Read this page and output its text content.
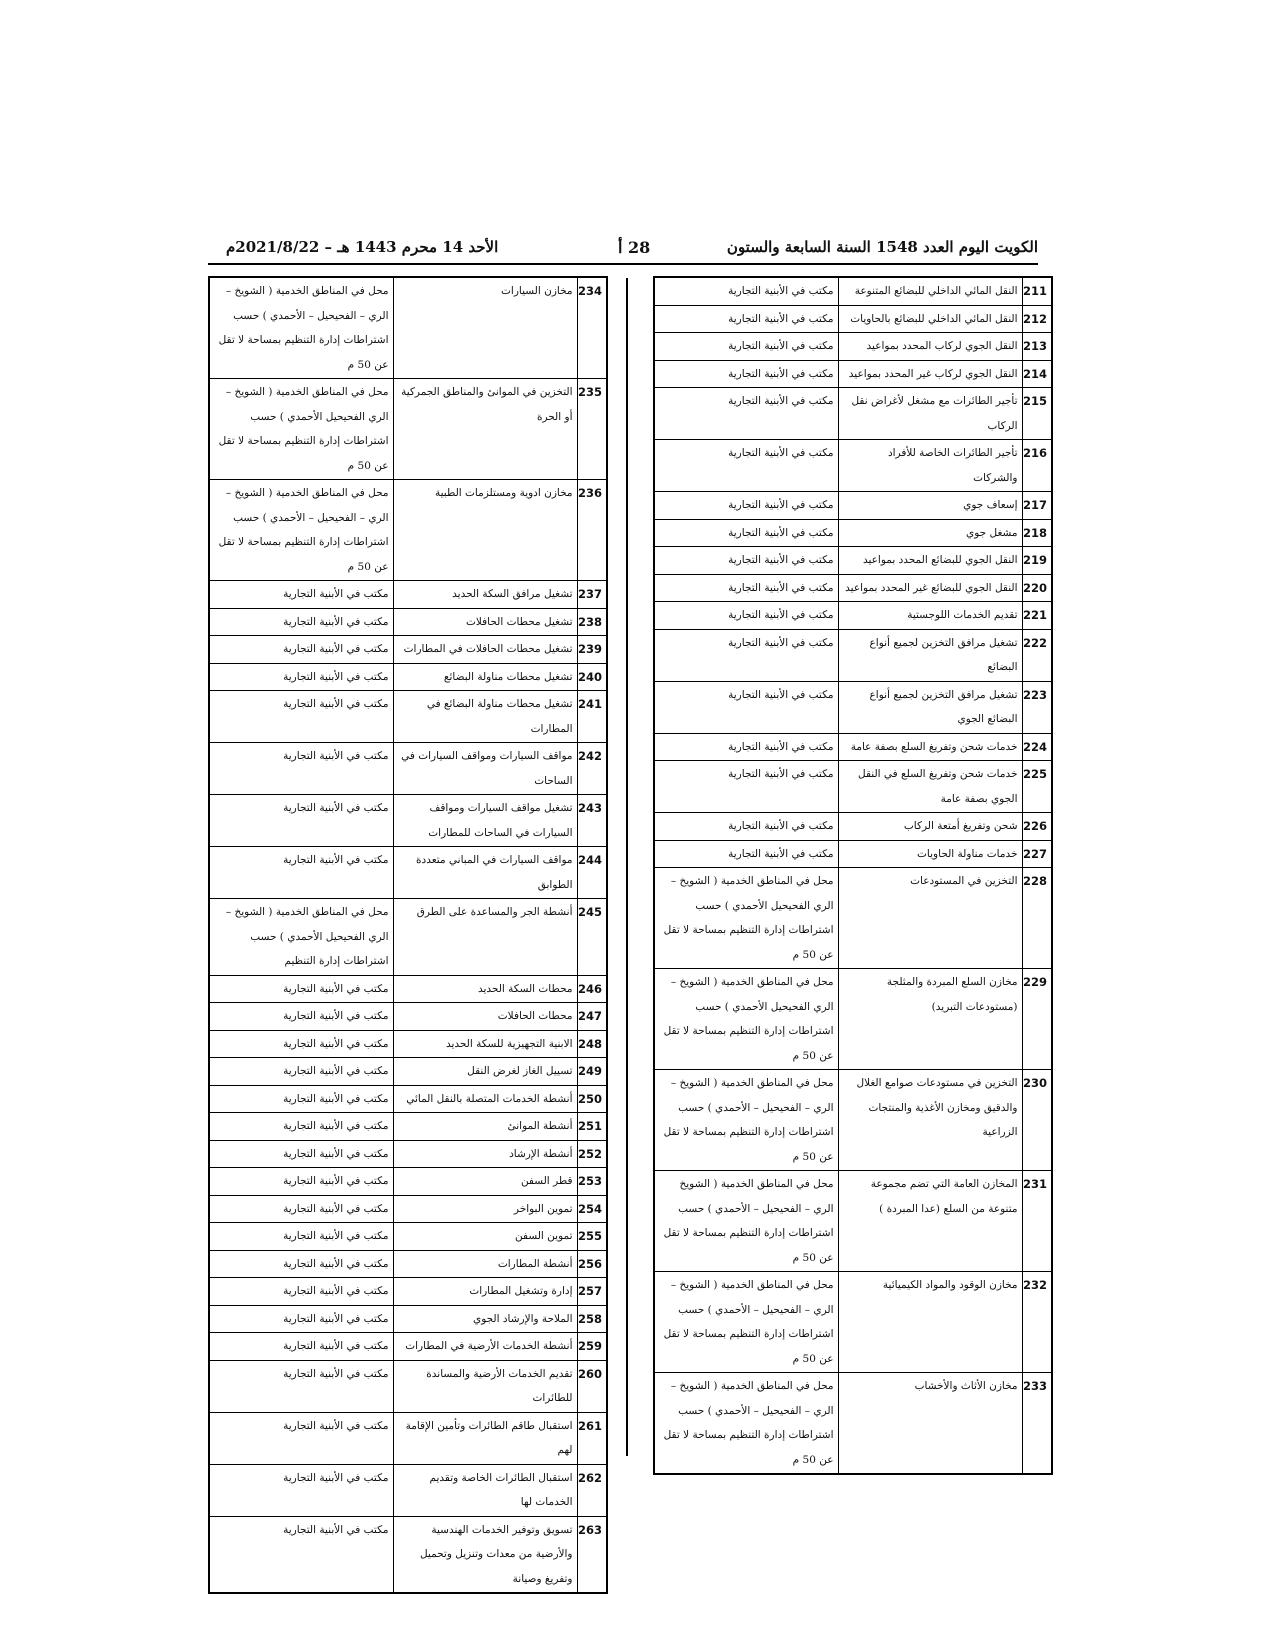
الكويت اليوم العدد 1548 السنة السابعة والستون
28 أ
الأحد 14 محرم 1443 هـ – 2021/8/22م
211	النقل المائي الداخلي للبضائع المتنوعة	مكتب في الأبنية التجارية
212	النقل المائي الداخلي للبضائع بالحاويات	مكتب في الأبنية التجارية
213	النقل الجوي لركاب المحدد بمواعيد	مكتب في الأبنية التجارية
214	النقل الجوي لركاب غير المحدد بمواعيد	مكتب في الأبنية التجارية
215	تأجير الطائرات مع مشغل لأغراض نقل الركاب	مكتب في الأبنية التجارية
216	تأجير الطائرات الخاصة للأفراد والشركات	مكتب في الأبنية التجارية
217	إسعاف جوي	مكتب في الأبنية التجارية
218	مشغل جوي	مكتب في الأبنية التجارية
219	النقل الجوي للبضائع المحدد بمواعيد	مكتب في الأبنية التجارية
220	النقل الجوي للبضائع غير المحدد بمواعيد	مكتب في الأبنية التجارية
221	تقديم الخدمات اللوجستية	مكتب في الأبنية التجارية
222	تشغيل مرافق التخزين لجميع أنواع البضائع	مكتب في الأبنية التجارية
223	تشغيل مرافق التخزين لجميع أنواع البضائع الجوي	مكتب في الأبنية التجارية
224	خدمات شحن وتفريغ السلع بصفة عامة	مكتب في الأبنية التجارية
225	خدمات شحن وتفريغ السلع في النقل الجوي بصفة عامة	مكتب في الأبنية التجارية
226	شحن وتفريغ أمتعة الركاب	مكتب في الأبنية التجارية
227	خدمات مناولة الحاويات	مكتب في الأبنية التجارية
228	التخزين في المستودعات	محل في المناطق الخدمية ( الشويخ – الري الفحيحيل الأحمدي ) حسب اشتراطات إدارة التنظيم بمساحة لا تقل عن 50 م
229	مخازن السلع المبردة والمثلجة (مستودعات التبريد)	محل في المناطق الخدمية ( الشويخ – الري الفحيحيل الأحمدي ) حسب اشتراطات إدارة التنظيم بمساحة لا تقل عن 50 م
230	التخزين في مستودعات صوامع الغلال والدقيق ومخازن الأغذية والمنتجات الزراعية	محل في المناطق الخدمية ( الشويخ – الري – الفحيحيل – الأحمدي ) حسب اشتراطات إدارة التنظيم بمساحة لا تقل عن 50 م
231	المخازن العامة التي تضم مجموعة متنوعة من السلع (عدا المبردة )	محل في المناطق الخدمية ( الشويخ الري – الفحيحيل – الأحمدي ) حسب اشتراطات إدارة التنظيم بمساحة لا تقل عن 50 م
232	مخازن الوقود والمواد الكيميائية	محل في المناطق الخدمية ( الشويخ – الري – الفحيحيل – الأحمدي ) حسب اشتراطات إدارة التنظيم بمساحة لا تقل عن 50 م
233	مخازن الأثاث والأخشاب	محل في المناطق الخدمية ( الشويخ – الري – الفحيحيل – الأحمدي ) حسب اشتراطات إدارة التنظيم بمساحة لا تقل عن 50 م
234	مخازن السيارات	محل في المناطق الخدمية ( الشويخ – الري – الفحيحيل – الأحمدي ) حسب اشتراطات إدارة التنظيم بمساحة لا تقل عن 50 م
235	التخزين في الموانئ والمناطق الجمركية أو الحرة	محل في المناطق الخدمية ( الشويخ – الري الفحيحيل الأحمدي ) حسب اشتراطات إدارة التنظيم بمساحة لا تقل عن 50 م
236	مخازن ادوية ومستلزمات الطبية	محل في المناطق الخدمية ( الشويخ – الري – الفحيحيل – الأحمدي ) حسب اشتراطات إدارة التنظيم بمساحة لا تقل عن 50 م
237	تشغيل مرافق السكة الحديد	مكتب في الأبنية التجارية
238	تشغيل محطات الحافلات	مكتب في الأبنية التجارية
239	تشغيل محطات الحافلات في المطارات	مكتب في الأبنية التجارية
240	تشغيل محطات مناولة البضائع	مكتب في الأبنية التجارية
241	تشغيل محطات مناولة البضائع في المطارات	مكتب في الأبنية التجارية
242	مواقف السيارات ومواقف السيارات في الساحات	مكتب في الأبنية التجارية
243	تشغيل مواقف السيارات ومواقف السيارات في الساحات للمطارات	مكتب في الأبنية التجارية
244	مواقف السيارات في المباني متعددة الطوابق	مكتب في الأبنية التجارية
245	أنشطة الجر والمساعدة على الطرق	محل في المناطق الخدمية ( الشويخ – الري الفحيحيل الأحمدي ) حسب اشتراطات إدارة التنظيم
246	محطات السكة الحديد	مكتب في الأبنية التجارية
247	محطات الحافلات	مكتب في الأبنية التجارية
248	الابنية التجهيزية للسكة الحديد	مكتب في الأبنية التجارية
249	تسييل الغاز لغرض النقل	مكتب في الأبنية التجارية
250	أنشطة الخدمات المتصلة بالنقل المائي	مكتب في الأبنية التجارية
251	أنشطة الموانئ	مكتب في الأبنية التجارية
252	أنشطة الإرشاد	مكتب في الأبنية التجارية
253	قطر السفن	مكتب في الأبنية التجارية
254	تموين البواخر	مكتب في الأبنية التجارية
255	تموين السفن	مكتب في الأبنية التجارية
256	أنشطة المطارات	مكتب في الأبنية التجارية
257	إدارة وتشغيل المطارات	مكتب في الأبنية التجارية
258	الملاحة والإرشاد الجوي	مكتب في الأبنية التجارية
259	أنشطة الخدمات الأرضية في المطارات	مكتب في الأبنية التجارية
260	تقديم الخدمات الأرضية والمساندة للطائرات	مكتب في الأبنية التجارية
261	استقبال طاقم الطائرات وتأمين الإقامة لهم	مكتب في الأبنية التجارية
262	استقبال الطائرات الخاصة وتقديم الخدمات لها	مكتب في الأبنية التجارية
263	تسويق وتوفير الخدمات الهندسية والأرضية من معدات وتنزيل وتحميل وتفريغ وصيانة	مكتب في الأبنية التجارية
